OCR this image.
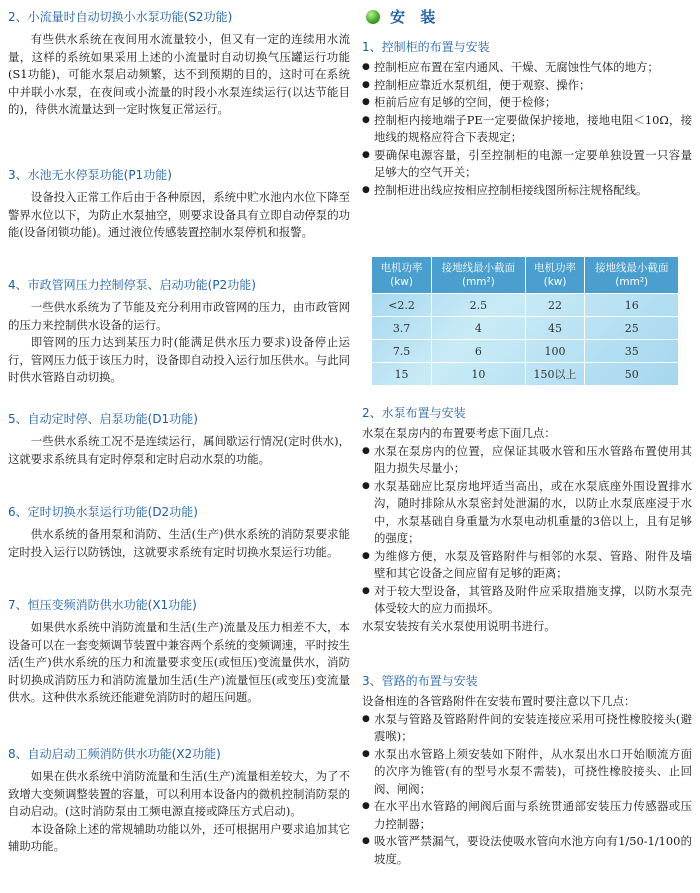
2、小流量时自动切换小水泵功能(S2功能)

有些供水系统在夜间用水流量较小，但又有一定的连续用水流量，这样的系统如果采用上述的小流量时自动切换气压罐运行功能(S1功能)，可能水泵启动频繁，达不到预期的目的，这时可在系统中并联小水泵，在夜间或小流量的时段小水泵连续运行(以达节能目的)，待供水流量达到一定时恢复正常运行。

3、水池无水停泵功能(P1功能)

设备投入正常工作后由于各种原因，系统中贮水池内水位下降至警界水位以下，为防止水泵抽空，则要求设备具有立即自动停泵的功能(设备闭锁功能)。通过液位传感装置控制水泵停机和报警。

4、市政管网压力控制停泵、启动功能(P2功能)

一些供水系统为了节能及充分利用市政管网的压力，由市政管网的压力来控制供水设备的运行。

即管网的压力达到某压力时(能满足供水压力要求)设备停止运行，管网压力低于该压力时，设备即自动投入运行加压供水。与此同时供水管路自动切换。

5、自动定时停、启泵功能(D1功能)

一些供水系统工况不是连续运行，属间歇运行情况(定时供水)，这就要求系统具有定时停泵和定时启动水泵的功能。

6、定时切换水泵运行功能(D2功能)

供水系统的备用泵和消防、生活(生产)供水系统的消防泵要求能定时投入运行以防锈蚀，这就要求系统有定时切换水泵运行功能。

7、恒压变频消防供水功能(X1功能)

如果供水系统中消防流量和生活(生产)流量及压力相差不大，本设备可以在一套变频调节装置中兼容两个系统的变频调速，平时按生活(生产)供水系统的压力和流量要求变压(或恒压)变流量供水，消防时切换成消防压力和消防流量加生活(生产)流量恒压(或变压)变流量供水。这种供水系统还能避免消防时的超压问题。

8、自动启动工频消防供水功能(X2功能)

如果在供水系统中消防流量和生活(生产)流量相差较大，为了不致增大变频调整装置的容量，可以利用本设备内的微机控制消防泵的自动启动。(这时消防泵由工频电源直接或降压方式启动)。

本设备除上述的常规辅助功能以外，还可根据用户要求追加其它辅助功能。

安 装

1、控制柜的布置与安装

● 控制柜应布置在室内通风、干燥、无腐蚀性气体的地方；

● 控制柜应靠近水泵机组，便于观察、操作；

● 柜前后应有足够的空间，便于检修；

● 控制柜内接地端子PE一定要做保护接地，接地电阻＜10Ω，接地线的规格应符合下表规定；

● 要确保电源容量，引至控制柜的电源一定要单独设置一只容量足够大的空气开关；

● 控制柜进出线应按相应控制柜接线图所标注规格配线。

电机功率(kw)	接地线最小截面(mm²)	电机功率(kw)	接地线最小截面(mm²)
<2.2	2.5	22	16
3.7	4	45	25
7.5	6	100	35
15	10	150以上	50

2、水泵布置与安装

水泵在泵房内的布置要考虑下面几点：

● 水泵在泵房内的位置，应保证其吸水管和压水管路布置使用其阻力损失尽量小；

● 水泵基础应比泵房地坪适当高出，或在水泵底座外围设置排水沟，随时排除从水泵密封处泄漏的水，以防止水泵底座浸于水中，水泵基础自身重量为水泵电动机重量的3倍以上，且有足够的强度；

● 为维修方便，水泵及管路附件与相邻的水泵、管路、附件及墙壁和其它设备之间应留有足够的距离；

● 对于较大型设备，其管路及附件应采取措施支撑，以防水泵壳体受较大的应力而损坏。

水泵安装按有关水泵使用说明书进行。

3、管路的布置与安装

设备相连的各管路附件在安装布置时要注意以下几点：

● 水泵与管路及管路附件间的安装连接应采用可挠性橡胶接头(避震喉)；

● 水泵出水管路上须安装如下附件，从水泵出水口开始顺流方面的次序为锥管(有的型号水泵不需装)，可挠性橡胶接头、止回阀、闸阀；

● 在水平出水管路的闸阀后面与系统贯通部安装压力传感器或压力控制器；

● 吸水管严禁漏气，要设法使吸水管向水池方向有1/50-1/100的坡度。
